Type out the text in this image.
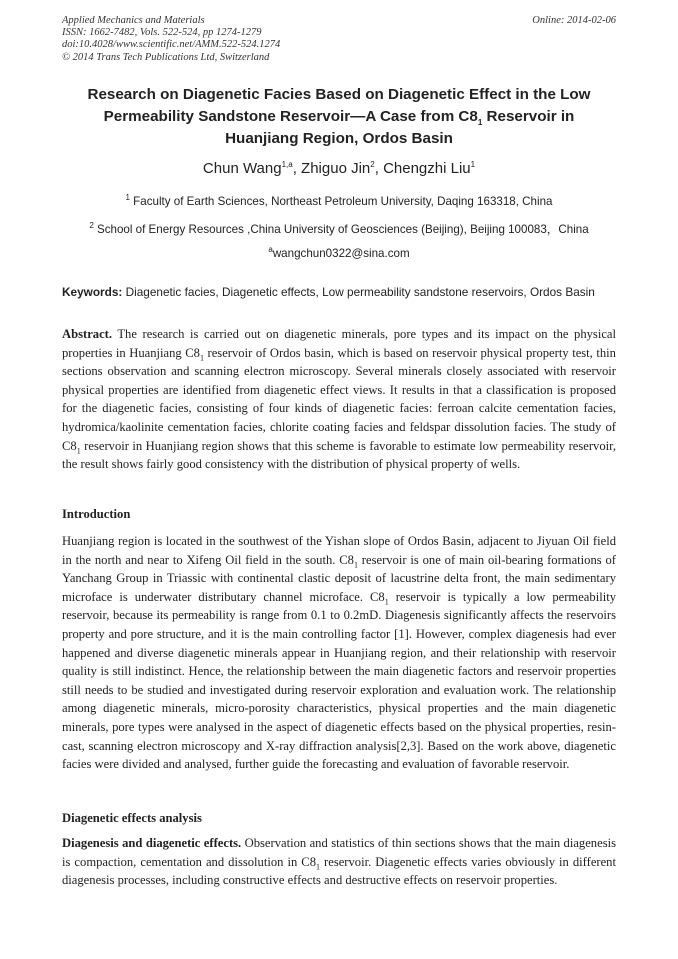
Applied Mechanics and Materials
ISSN: 1662-7482, Vols. 522-524, pp 1274-1279
doi:10.4028/www.scientific.net/AMM.522-524.1274
© 2014 Trans Tech Publications Ltd, Switzerland
Online: 2014-02-06
Research on Diagenetic Facies Based on Diagenetic Effect in the Low
Permeability Sandstone Reservoir—A Case from $C8_1$ Reservoir in
Huanjiang Region, Ordos Basin
Chun Wang$^{1,a}$, Zhiguo Jin$^2$, Chengzhi Liu$^1$
$^1$ Faculty of Earth Sciences, Northeast Petroleum University, Daqing 163318, China
$^2$ School of Energy Resources ,China University of Geosciences (Beijing), Beijing 100083，China
$^a$wangchun0322@sina.com
Keywords: Diagenetic facies, Diagenetic effects, Low permeability sandstone reservoirs, Ordos Basin
Abstract. The research is carried out on diagenetic minerals, pore types and its impact on the physical properties in Huanjiang $C8_1$ reservoir of Ordos basin, which is based on reservoir physical property test, thin sections observation and scanning electron microscopy. Several minerals closely associated with reservoir physical properties are identified from diagenetic effect views. It results in that a classification is proposed for the diagenetic facies, consisting of four kinds of diagenetic facies: ferroan calcite cementation facies, hydromica/kaolinite cementation facies, chlorite coating facies and feldspar dissolution facies. The study of $C8_1$ reservoir in Huanjiang region shows that this scheme is favorable to estimate low permeability reservoir, the result shows fairly good consistency with the distribution of physical property of wells.
Introduction
Huanjiang region is located in the southwest of the Yishan slope of Ordos Basin, adjacent to Jiyuan Oil field in the north and near to Xifeng Oil field in the south. $C8_1$ reservoir is one of main oil-bearing formations of Yanchang Group in Triassic with continental clastic deposit of lacustrine delta front, the main sedimentary microface is underwater distributary channel microface. $C8_1$ reservoir is typically a low permeability reservoir, because its permeability is range from 0.1 to 0.2mD. Diagenesis significantly affects the reservoirs property and pore structure, and it is the main controlling factor [1]. However, complex diagenesis had ever happened and diverse diagenetic minerals appear in Huanjiang region, and their relationship with reservoir quality is still indistinct. Hence, the relationship between the main diagenetic factors and reservoir properties still needs to be studied and investigated during reservoir exploration and evaluation work. The relationship among diagenetic minerals, micro-porosity characteristics, physical properties and the main diagenetic minerals, pore types were analysed in the aspect of diagenetic effects based on the physical properties, resin-cast, scanning electron microscopy and X-ray diffraction analysis[2,3]. Based on the work above, diagenetic facies were divided and analysed, further guide the forecasting and evaluation of favorable reservoir.
Diagenetic effects analysis
Diagenesis and diagenetic effects. Observation and statistics of thin sections shows that the main diagenesis is compaction, cementation and dissolution in $C8_1$ reservoir. Diagenetic effects varies obviously in different diagenesis processes, including constructive effects and destructive effects on reservoir properties.
